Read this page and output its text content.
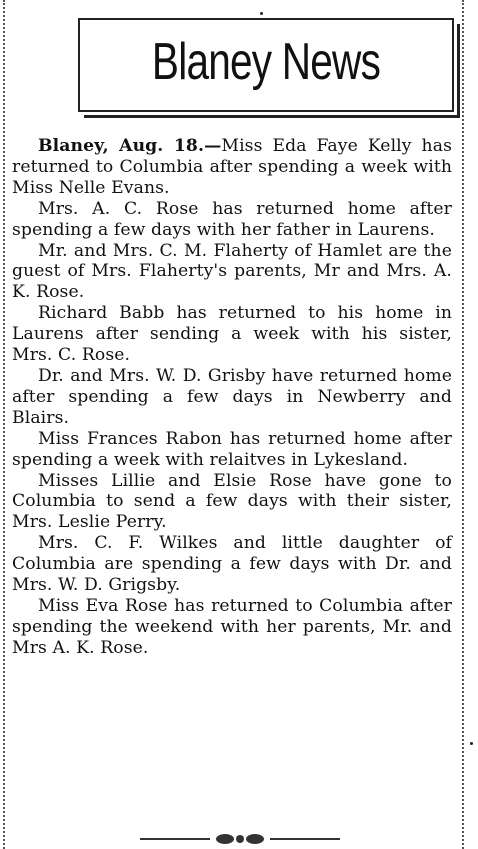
Blaney News

Blaney, Aug. 18.—Miss Eda Faye Kelly has returned to Columbia after spending a week with Miss Nelle Evans.

Mrs. A. C. Rose has returned home after spending a few days with her father in Laurens.

Mr. and Mrs. C. M. Flaherty of Hamlet are the guest of Mrs. Flaherty's parents, Mr and Mrs. A. K. Rose.

Richard Babb has returned to his home in Laurens after sending a week with his sister, Mrs. C. Rose.

Dr. and Mrs. W. D. Grisby have returned home after spending a few days in Newberry and Blairs.

Miss Frances Rabon has returned home after spending a week with relaitves in Lykesland.

Misses Lillie and Elsie Rose have gone to Columbia to send a few days with their sister, Mrs. Leslie Perry.

Mrs. C. F. Wilkes and little daughter of Columbia are spending a few days with Dr. and Mrs. W. D. Grigsby.

Miss Eva Rose has returned to Columbia after spending the weekend with her parents, Mr. and Mrs A. K. Rose.
